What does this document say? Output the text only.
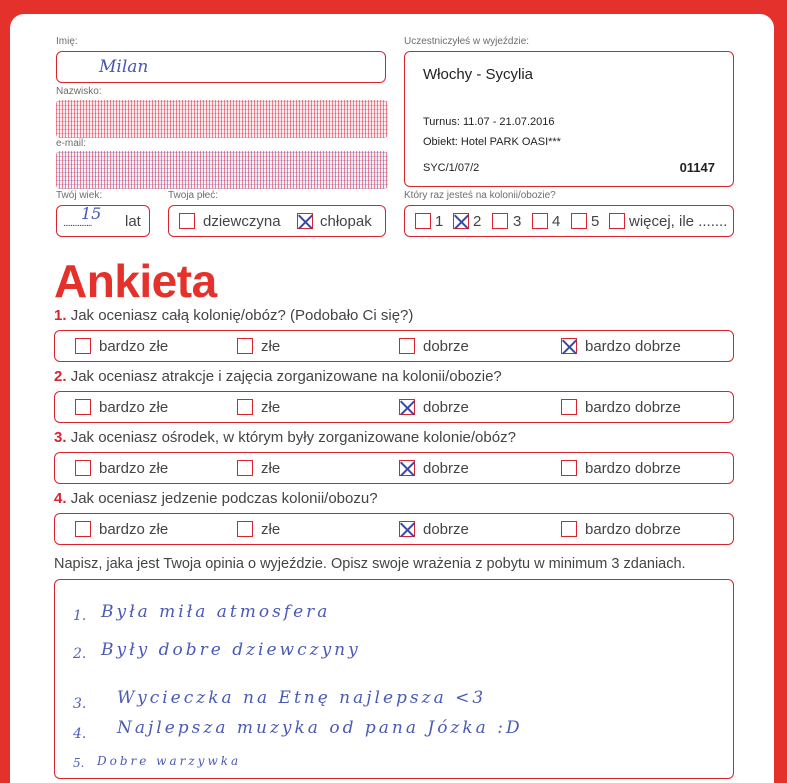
Imię:
Milan
Nazwisko:
e-mail:
Twój wiek:
................
15 lat
Twoja płeć:
dziewczyna	chłopak
Uczestniczyłeś w wyjeździe:
Włochy - Sycylia
Turnus: 11.07 - 21.07.2016
Obiekt: Hotel PARK OASI***
SYC/1/07/2	01147
Który raz jesteś na kolonii/obozie?
1 2 3 4 5 więcej, ile .......
Ankieta
1. Jak oceniasz całą kolonię/obóz? (Podobało Ci się?)
bardzo złe	złe	dobrze	bardzo dobrze
2. Jak oceniasz atrakcje i zajęcia zorganizowane na kolonii/obozie?
bardzo złe	złe	dobrze	bardzo dobrze
3. Jak oceniasz ośrodek, w którym były zorganizowane kolonie/obóz?
bardzo złe	złe	dobrze	bardzo dobrze
4. Jak oceniasz jedzenie podczas kolonii/obozu?
bardzo złe	złe	dobrze	bardzo dobrze
Napisz, jaka jest Twoja opinia o wyjeździe. Opisz swoje wrażenia z pobytu w minimum 3 zdaniach.
1. Była miła atmosfera
2. Były dobre dziewczyny
3. Wycieczka na Etnę najlepsza <3
4. Najlepsza muzyka od pana Józka :D
5. Dobre warzywka
